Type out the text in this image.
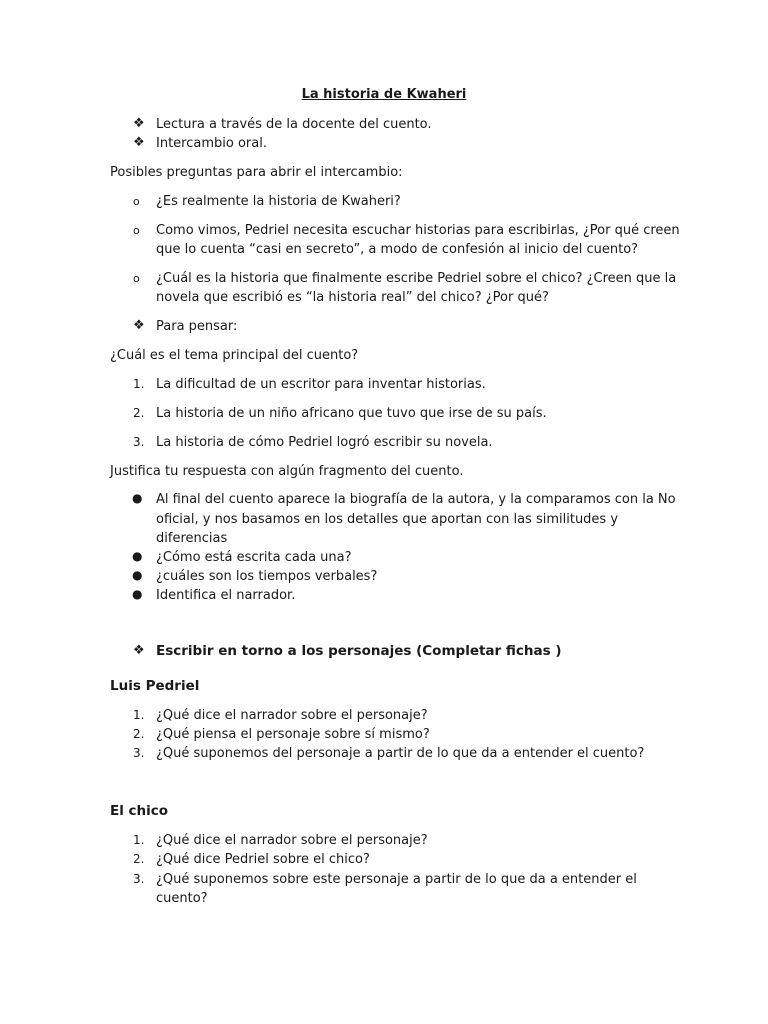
La historia de Kwaheri
❖ Lectura a través de la docente del cuento.
❖ Intercambio oral.
Posibles preguntas para abrir el intercambio:
o ¿Es realmente la historia de Kwaheri?
o Como vimos, Pedriel necesita escuchar historias para escribirlas, ¿Por qué creen
que lo cuenta “casi en secreto”, a modo de confesión al inicio del cuento?
o ¿Cuál es la historia que finalmente escribe Pedriel sobre el chico? ¿Creen que la
novela que escribió es “la historia real” del chico? ¿Por qué?
❖ Para pensar:
¿Cuál es el tema principal del cuento?
1. La dificultad de un escritor para inventar historias.
2. La historia de un niño africano que tuvo que irse de su país.
3. La historia de cómo Pedriel logró escribir su novela.
Justifica tu respuesta con algún fragmento del cuento.
● Al final del cuento aparece la biografía de la autora, y la comparamos con la No
oficial, y nos basamos en los detalles que aportan con las similitudes y
diferencias
● ¿Cómo está escrita cada una?
● ¿cuáles son los tiempos verbales?
● Identifica el narrador.
❖ Escribir en torno a los personajes (Completar fichas )
Luis Pedriel
1. ¿Qué dice el narrador sobre el personaje?
2. ¿Qué piensa el personaje sobre sí mismo?
3. ¿Qué suponemos del personaje a partir de lo que da a entender el cuento?
El chico
1. ¿Qué dice el narrador sobre el personaje?
2. ¿Qué dice Pedriel sobre el chico?
3. ¿Qué suponemos sobre este personaje a partir de lo que da a entender el
cuento?
